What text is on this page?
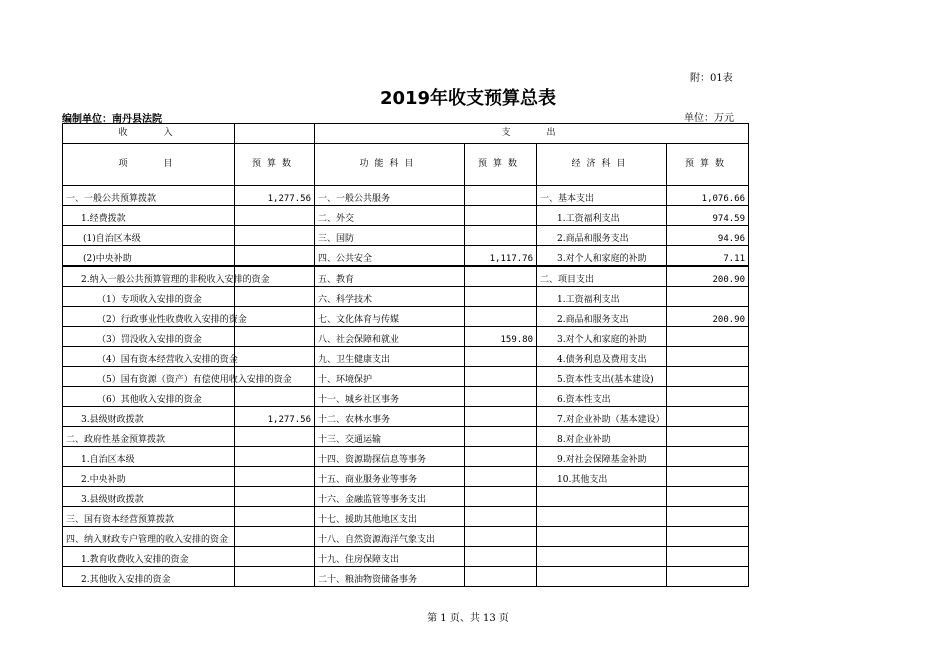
附：01表
2019年收支预算总表
编制单位：南丹县法院	单位：万元
收　　入		支　　出			
项　　目	预算数	功能科目	预算数	经济科目	预算数
一、一般公共预算拨款	1,277.56	一、一般公共服务		一、基本支出	1,076.66
1.经费拨款		二、外交		1.工资福利支出	974.59
(1)自治区本级		三、国防		2.商品和服务支出	94.96
(2)中央补助		四、公共安全	1,117.76	3.对个人和家庭的补助	7.11
2.纳入一般公共预算管理的非税收入安排的资金		五、教育		二、项目支出	200.90
（1）专项收入安排的资金		六、科学技术		1.工资福利支出	
（2）行政事业性收费收入安排的资金		七、文化体育与传媒		2.商品和服务支出	200.90
（3）罚没收入安排的资金		八、社会保障和就业	159.80	3.对个人和家庭的补助	
（4）国有资本经营收入安排的资金		九、卫生健康支出		4.债务利息及费用支出	
（5）国有资源（资产）有偿使用收入安排的资金		十、环境保护		5.资本性支出(基本建设)	
（6）其他收入安排的资金		十一、城乡社区事务		6.资本性支出	
3.县级财政拨款	1,277.56	十二、农林水事务		7.对企业补助（基本建设）	
二、政府性基金预算拨款		十三、交通运输		8.对企业补助	
1.自治区本级		十四、资源勘探信息等事务		9.对社会保障基金补助	
2.中央补助		十五、商业服务业等事务		10.其他支出	
3.县级财政拨款		十六、金融监管等事务支出			
三、国有资本经营预算拨款		十七、援助其他地区支出			
四、纳入财政专户管理的收入安排的资金		十八、自然资源海洋气象支出			
1.教育收费收入安排的资金		十九、住房保障支出			
2.其他收入安排的资金		二十、粮油物资储备事务			
第 1 页、共 13 页
